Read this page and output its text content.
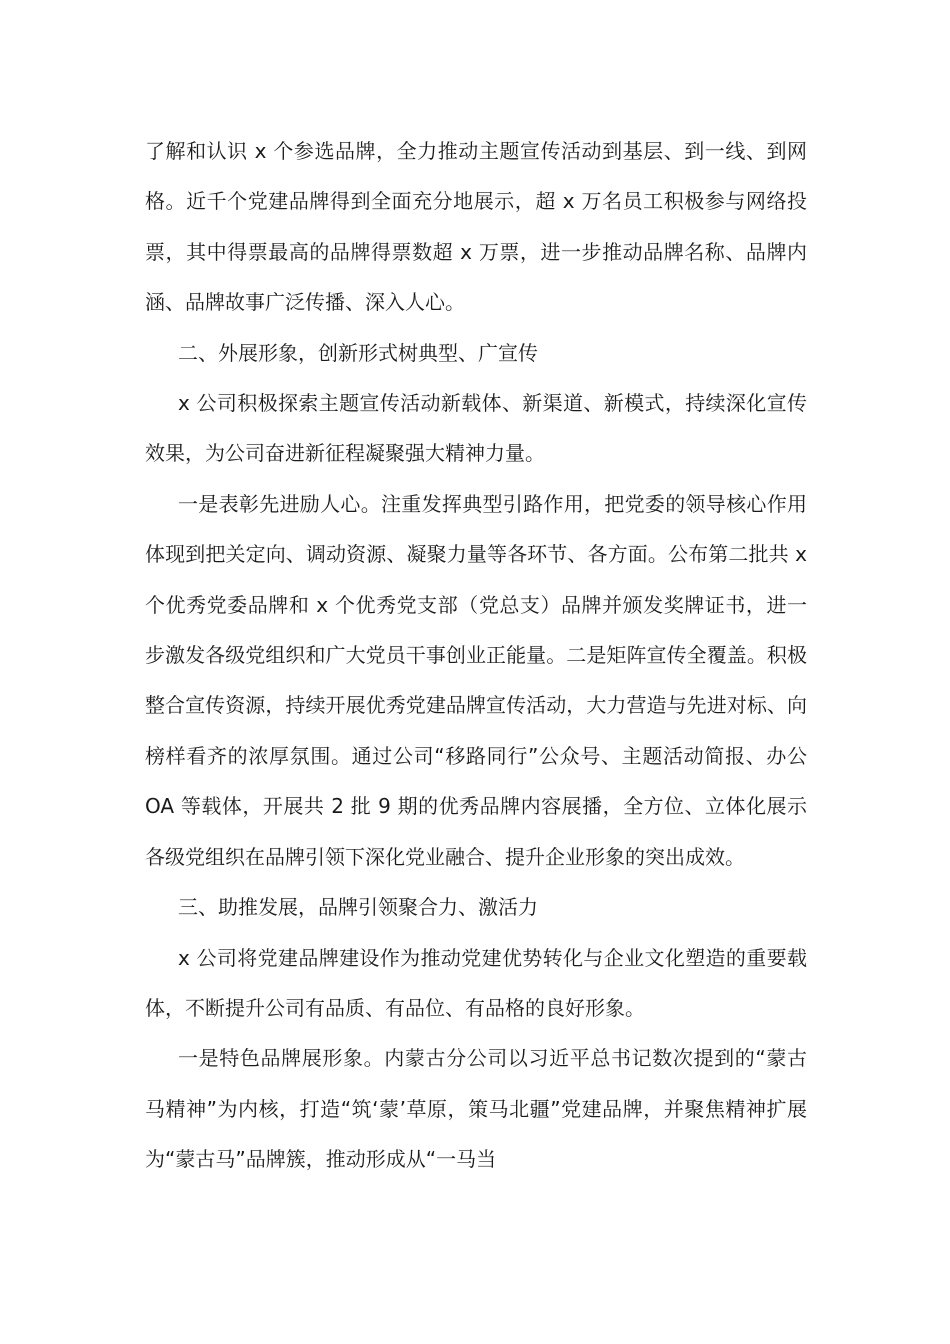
了解和认识 x 个参选品牌，全力推动主题宣传活动到基层、到一线、到网格。近千个党建品牌得到全面充分地展示，超 x 万名员工积极参与网络投票，其中得票最高的品牌得票数超 x 万票，进一步推动品牌名称、品牌内涵、品牌故事广泛传播、深入人心。

二、外展形象，创新形式树典型、广宣传

x 公司积极探索主题宣传活动新载体、新渠道、新模式，持续深化宣传效果，为公司奋进新征程凝聚强大精神力量。

一是表彰先进励人心。注重发挥典型引路作用，把党委的领导核心作用体现到把关定向、调动资源、凝聚力量等各环节、各方面。公布第二批共 x 个优秀党委品牌和 x 个优秀党支部（党总支）品牌并颁发奖牌证书，进一步激发各级党组织和广大党员干事创业正能量。二是矩阵宣传全覆盖。积极整合宣传资源，持续开展优秀党建品牌宣传活动，大力营造与先进对标、向榜样看齐的浓厚氛围。通过公司“移路同行”公众号、主题活动简报、办公 OA 等载体，开展共 2 批 9 期的优秀品牌内容展播，全方位、立体化展示各级党组织在品牌引领下深化党业融合、提升企业形象的突出成效。

三、助推发展，品牌引领聚合力、激活力

x 公司将党建品牌建设作为推动党建优势转化与企业文化塑造的重要载体，不断提升公司有品质、有品位、有品格的良好形象。

一是特色品牌展形象。内蒙古分公司以习近平总书记数次提到的“蒙古马精神”为内核，打造“筑‘蒙’草原，策马北疆”党建品牌，并聚焦精神扩展为“蒙古马”品牌簇，推动形成从“一马当
